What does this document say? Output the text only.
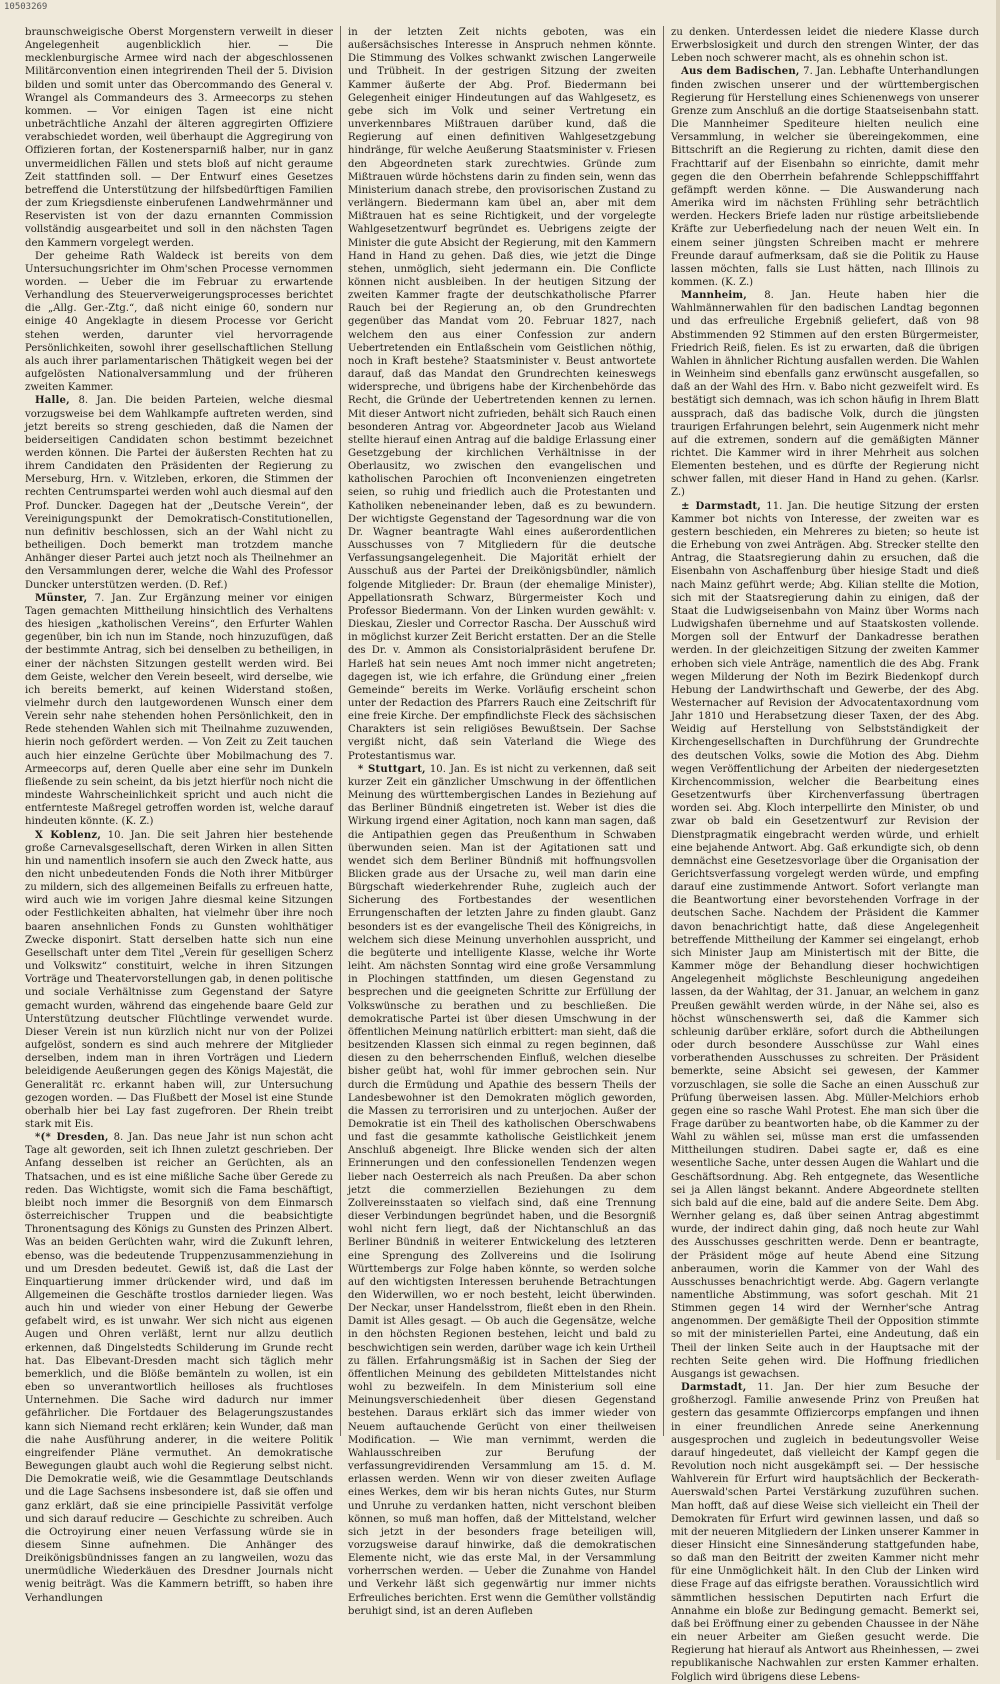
10503269

braunschweigische Oberst Morgenstern verweilt in dieser Angelegenheit augenblicklich hier. — Die mecklenburgische Armee wird nach der abgeschlossenen Militärconvention einen integrirenden Theil der 5. Division bilden und somit unter das Obercommando des General v. Wrangel als Commandeurs des 3. Armeecorps zu stehen kommen. — Vor einigen Tagen ist eine nicht unbeträchtliche Anzahl der älteren aggregirten Offiziere verabschiedet worden, weil überhaupt die Aggregirung von Offizieren fortan, der Kostenersparniß halber, nur in ganz unvermeidlichen Fällen und stets bloß auf nicht geraume Zeit stattfinden soll. — Der Entwurf eines Gesetzes betreffend die Unterstützung der hilfsbedürftigen Familien der zum Kriegsdienste einberufenen Landwehrmänner und Reservisten ist von der dazu ernannten Commission vollständig ausgearbeitet und soll in den nächsten Tagen den Kammern vorgelegt werden.

Der geheime Rath Waldeck ist bereits von dem Untersuchungsrichter im Ohm'schen Processe vernommen worden. — Ueber die im Februar zu erwartende Verhandlung des Steuerverweigerungsprocesses berichtet die „Allg. Ger.-Ztg.“, daß nicht einige 60, sondern nur einige 40 Angeklagte in diesem Processe vor Gericht stehen werden, darunter viel hervorragende Persönlichkeiten, sowohl ihrer gesellschaftlichen Stellung als auch ihrer parlamentarischen Thätigkeit wegen bei der aufgelösten Nationalversammlung und der früheren zweiten Kammer.

Halle, 8. Jan. Die beiden Parteien, welche diesmal vorzugsweise bei dem Wahlkampfe auftreten werden, sind jetzt bereits so streng geschieden, daß die Namen der beiderseitigen Candidaten schon bestimmt bezeichnet werden können. Die Partei der äußersten Rechten hat zu ihrem Candidaten den Präsidenten der Regierung zu Merseburg, Hrn. v. Witzleben, erkoren, die Stimmen der rechten Centrumspartei werden wohl auch diesmal auf den Prof. Duncker. Dagegen hat der „Deutsche Verein“, der Vereinigungspunkt der Demokratisch-Constitutionellen, nun definitiv beschlossen, sich an der Wahl nicht zu betheiligen. Doch bemerkt man trotzdem manche Anhänger dieser Partei auch jetzt noch als Theilnehmer an den Versammlungen derer, welche die Wahl des Professor Duncker unterstützen werden. (D. Ref.)

Münster, 7. Jan. Zur Ergänzung meiner vor einigen Tagen gemachten Mittheilung hinsichtlich des Verhaltens des hiesigen „katholischen Vereins“, den Erfurter Wahlen gegenüber, bin ich nun im Stande, noch hinzuzufügen, daß der bestimmte Antrag, sich bei denselben zu betheiligen, in einer der nächsten Sitzungen gestellt werden wird. Bei dem Geiste, welcher den Verein beseelt, wird derselbe, wie ich bereits bemerkt, auf keinen Widerstand stoßen, vielmehr durch den lautgewordenen Wunsch einer dem Verein sehr nahe stehenden hohen Persönlichkeit, den in Rede stehenden Wahlen sich mit Theilnahme zuzuwenden, hierin noch gefördert werden. — Von Zeit zu Zeit tauchen auch hier einzelne Gerüchte über Mobilmachung des 7. Armeecorps auf, deren Quelle aber eine sehr im Dunkeln fließende zu sein scheint, da bis jetzt hierfür noch nicht die mindeste Wahrscheinlichkeit spricht und auch nicht die entfernteste Maßregel getroffen worden ist, welche darauf hindeuten könnte. (K. Z.)

X Koblenz, 10. Jan. Die seit Jahren hier bestehende große Carnevalsgesellschaft, deren Wirken in allen Sitten hin und namentlich insofern sie auch den Zweck hatte, aus den nicht unbedeutenden Fonds die Noth ihrer Mitbürger zu mildern, sich des allgemeinen Beifalls zu erfreuen hatte, wird auch wie im vorigen Jahre diesmal keine Sitzungen oder Festlichkeiten abhalten, hat vielmehr über ihre noch baaren ansehnlichen Fonds zu Gunsten wohlthätiger Zwecke disponirt. Statt derselben hatte sich nun eine Gesellschaft unter dem Titel „Verein für geselligen Scherz und Volkswitz“ constituirt, welche in ihren Sitzungen Vorträge und Theatervorstellungen gab, in denen politische und sociale Verhältnisse zum Gegenstand der Satyre gemacht wurden, während das eingehende baare Geld zur Unterstützung deutscher Flüchtlinge verwendet wurde. Dieser Verein ist nun kürzlich nicht nur von der Polizei aufgelöst, sondern es sind auch mehrere der Mitglieder derselben, indem man in ihren Vorträgen und Liedern beleidigende Aeußerungen gegen des Königs Majestät, die Generalität rc. erkannt haben will, zur Untersuchung gezogen worden. — Das Flußbett der Mosel ist eine Stunde oberhalb hier bei Lay fast zugefroren. Der Rhein treibt stark mit Eis.

*(* Dresden, 8. Jan. Das neue Jahr ist nun schon acht Tage alt geworden, seit ich Ihnen zuletzt geschrieben. Der Anfang desselben ist reicher an Gerüchten, als an Thatsachen, und es ist eine mißliche Sache über Gerede zu reden. Das Wichtigste, womit sich die Fama beschäftigt, bleibt noch immer die Besorgniß von dem Einmarsch österreichischer Truppen und die beabsichtigte Thronentsagung des Königs zu Gunsten des Prinzen Albert. Was an beiden Gerüchten wahr, wird die Zukunft lehren, ebenso, was die bedeutende Truppenzusammenziehung in und um Dresden bedeutet. Gewiß ist, daß die Last der Einquartierung immer drückender wird, und daß im Allgemeinen die Geschäfte trostlos darnieder liegen. Was auch hin und wieder von einer Hebung der Gewerbe gefabelt wird, es ist unwahr. Wer sich nicht aus eigenen Augen und Ohren verläßt, lernt nur allzu deutlich erkennen, daß Dingelstedts Schilderung im Grunde recht hat. Das Elbevant-Dresden macht sich täglich mehr bemerklich, und die Blöße bemänteln zu wollen, ist ein eben so unverantwortlich heilloses als fruchtloses Unternehmen. Die Sache wird dadurch nur immer gefährlicher. Die Fortdauer des Belagerungszustandes kann sich Niemand recht erklären; kein Wunder, daß man die nahe Ausführung anderer, in die weitere Politik eingreifender Pläne vermuthet. An demokratische Bewegungen glaubt auch wohl die Regierung selbst nicht. Die Demokratie weiß, wie die Gesammtlage Deutschlands und die Lage Sachsens insbesondere ist, daß sie offen und ganz erklärt, daß sie eine principielle Passivität verfolge und sich darauf reducire — Geschichte zu schreiben. Auch die Octroyirung einer neuen Verfassung würde sie in diesem Sinne aufnehmen. Die Anhänger des Dreikönigsbündnisses fangen an zu langweilen, wozu das unermüdliche Wiederkäuen des Dresdner Journals nicht wenig beiträgt. Was die Kammern betrifft, so haben ihre Verhandlungen

in der letzten Zeit nichts geboten, was ein außersächsisches Interesse in Anspruch nehmen könnte. Die Stimmung des Volkes schwankt zwischen Langerweile und Trübheit. In der gestrigen Sitzung der zweiten Kammer äußerte der Abg. Prof. Biedermann bei Gelegenheit einiger Hindeutungen auf das Wahlgesetz, es gebe sich im Volk und seiner Vertretung ein unverkennbares Mißtrauen darüber kund, daß die Regierung auf einen definitiven Wahlgesetzgebung hindränge, für welche Aeußerung Staatsminister v. Friesen den Abgeordneten stark zurechtwies. Gründe zum Mißtrauen würde höchstens darin zu finden sein, wenn das Ministerium danach strebe, den provisorischen Zustand zu verlängern. Biedermann kam übel an, aber mit dem Mißtrauen hat es seine Richtigkeit, und der vorgelegte Wahlgesetzentwurf begründet es. Uebrigens zeigte der Minister die gute Absicht der Regierung, mit den Kammern Hand in Hand zu gehen. Daß dies, wie jetzt die Dinge stehen, unmöglich, sieht jedermann ein. Die Conflicte können nicht ausbleiben. In der heutigen Sitzung der zweiten Kammer fragte der deutschkatholische Pfarrer Rauch bei der Regierung an, ob den Grundrechten gegenüber das Mandat vom 20. Februar 1827, nach welchem den aus einer Confession zur andern Uebertretenden ein Entlaßschein vom Geistlichen nöthig, noch in Kraft bestehe? Staatsminister v. Beust antwortete darauf, daß das Mandat den Grundrechten keineswegs widerspreche, und übrigens habe der Kirchenbehörde das Recht, die Gründe der Uebertretenden kennen zu lernen. Mit dieser Antwort nicht zufrieden, behält sich Rauch einen besonderen Antrag vor. Abgeordneter Jacob aus Wieland stellte hierauf einen Antrag auf die baldige Erlassung einer Gesetzgebung der kirchlichen Verhältnisse in der Oberlausitz, wo zwischen den evangelischen und katholischen Parochien oft Inconvenienzen eingetreten seien, so ruhig und friedlich auch die Protestanten und Katholiken nebeneinander leben, daß es zu bewundern. Der wichtigste Gegenstand der Tagesordnung war die von Dr. Wagner beantragte Wahl eines außerordentlichen Ausschusses von 7 Mitgliedern für die deutsche Verfassungsangelegenheit. Die Majorität erhielt der Ausschuß aus der Partei der Dreikönigsbündler, nämlich folgende Mitglieder: Dr. Braun (der ehemalige Minister), Appellationsrath Schwarz, Bürgermeister Koch und Professor Biedermann. Von der Linken wurden gewählt: v. Dieskau, Ziesler und Corrector Rascha. Der Ausschuß wird in möglichst kurzer Zeit Bericht erstatten. Der an die Stelle des Dr. v. Ammon als Consistorialpräsident berufene Dr. Harleß hat sein neues Amt noch immer nicht angetreten; dagegen ist, wie ich erfahre, die Gründung einer „freien Gemeinde“ bereits im Werke. Vorläufig erscheint schon unter der Redaction des Pfarrers Rauch eine Zeitschrift für eine freie Kirche. Der empfindlichste Fleck des sächsischen Charakters ist sein religiöses Bewußtsein. Der Sachse vergißt nicht, daß sein Vaterland die Wiege des Protestantismus war.

* Stuttgart, 10. Jan. Es ist nicht zu verkennen, daß seit kurzer Zeit ein gänzlicher Umschwung in der öffentlichen Meinung des württembergischen Landes in Beziehung auf das Berliner Bündniß eingetreten ist. Weber ist dies die Wirkung irgend einer Agitation, noch kann man sagen, daß die Antipathien gegen das Preußenthum in Schwaben überwunden seien. Man ist der Agitationen satt und wendet sich dem Berliner Bündniß mit hoffnungsvollen Blicken grade aus der Ursache zu, weil man darin eine Bürgschaft wiederkehrender Ruhe, zugleich auch der Sicherung des Fortbestandes der wesentlichen Errungenschaften der letzten Jahre zu finden glaubt. Ganz besonders ist es der evangelische Theil des Königreichs, in welchem sich diese Meinung unverhohlen ausspricht, und die begüterte und intelligente Klasse, welche ihr Worte leiht. Am nächsten Sonntag wird eine große Versammlung in Plochingen stattfinden, um diesen Gegenstand zu besprechen und die geeigneten Schritte zur Erfüllung der Volkswünsche zu berathen und zu beschließen. Die demokratische Partei ist über diesen Umschwung in der öffentlichen Meinung natürlich erbittert: man sieht, daß die besitzenden Klassen sich einmal zu regen beginnen, daß diesen zu den beherrschenden Einfluß, welchen dieselbe bisher geübt hat, wohl für immer gebrochen sein. Nur durch die Ermüdung und Apathie des bessern Theils der Landesbewohner ist den Demokraten möglich geworden, die Massen zu terrorisiren und zu unterjochen. Außer der Demokratie ist ein Theil des katholischen Oberschwabens und fast die gesammte katholische Geistlichkeit jenem Anschluß abgeneigt. Ihre Blicke wenden sich der alten Erinnerungen und den confessionellen Tendenzen wegen lieber nach Oesterreich als nach Preußen. Da aber schon jetzt die commerziellen Beziehungen zu dem Zollvereinsstaaten so vielfach sind, daß eine Trennung dieser Verbindungen begründet haben, und die Besorgniß wohl nicht fern liegt, daß der Nichtanschluß an das Berliner Bündniß in weiterer Entwickelung des letzteren eine Sprengung des Zollvereins und die Isolirung Württembergs zur Folge haben könnte, so werden solche auf den wichtigsten Interessen beruhende Betrachtungen den Widerwillen, wo er noch besteht, leicht überwinden. Der Neckar, unser Handelsstrom, fließt eben in den Rhein. Damit ist Alles gesagt. — Ob auch die Gegensätze, welche in den höchsten Regionen bestehen, leicht und bald zu beschwichtigen sein werden, darüber wage ich kein Urtheil zu fällen. Erfahrungsmäßig ist in Sachen der Sieg der öffentlichen Meinung des gebildeten Mittelstandes nicht wohl zu bezweifeln. In dem Ministerium soll eine Meinungsverschiedenheit über diesen Gegenstand bestehen. Daraus erklärt sich das immer wieder von Neuem auftauchende Gerücht von einer theilweisen Modification. — Wie man vernimmt, werden die Wahlausschreiben zur Berufung der verfassungrevidirenden Versammlung am 15. d. M. erlassen werden. Wenn wir von dieser zweiten Auflage eines Werkes, dem wir bis heran nichts Gutes, nur Sturm und Unruhe zu verdanken hatten, nicht verschont bleiben können, so muß man hoffen, daß der Mittelstand, welcher sich jetzt in der besonders frage beteiligen will, vorzugsweise darauf hinwirke, daß die demokratischen Elemente nicht, wie das erste Mal, in der Versammlung vorherrschen werden. — Ueber die Zunahme von Handel und Verkehr läßt sich gegenwärtig nur immer nichts Erfreuliches berichten. Erst wenn die Gemüther vollständig beruhigt sind, ist an deren Aufleben

zu denken. Unterdessen leidet die niedere Klasse durch Erwerbslosigkeit und durch den strengen Winter, der das Leben noch schwerer macht, als es ohnehin schon ist.

Aus dem Badischen, 7. Jan. Lebhafte Unterhandlungen finden zwischen unserer und der württembergischen Regierung für Herstellung eines Schienenwegs von unserer Grenze zum Anschluß an die dortige Staatseisenbahn statt. Die Mannheimer Spediteure hielten neulich eine Versammlung, in welcher sie übereingekommen, eine Bittschrift an die Regierung zu richten, damit diese den Frachttarif auf der Eisenbahn so einrichte, damit mehr gegen die den Oberrhein befahrende Schleppschifffahrt gefämpft werden könne. — Die Auswanderung nach Amerika wird im nächsten Frühling sehr beträchtlich werden. Heckers Briefe laden nur rüstige arbeitsliebende Kräfte zur Ueberfiedelung nach der neuen Welt ein. In einem seiner jüngsten Schreiben macht er mehrere Freunde darauf aufmerksam, daß sie die Politik zu Hause lassen möchten, falls sie Lust hätten, nach Illinois zu kommen. (K. Z.)

Mannheim, 8. Jan. Heute haben hier die Wahlmännerwahlen für den badischen Landtag begonnen und das erfreuliche Ergebniß geliefert, daß von 98 Abstimmenden 92 Stimmen auf den ersten Bürgermeister, Friedrich Reiß, fielen. Es ist zu erwarten, daß die übrigen Wahlen in ähnlicher Richtung ausfallen werden. Die Wahlen in Weinheim sind ebenfalls ganz erwünscht ausgefallen, so daß an der Wahl des Hrn. v. Babo nicht gezweifelt wird. Es bestätigt sich demnach, was ich schon häufig in Ihrem Blatt aussprach, daß das badische Volk, durch die jüngsten traurigen Erfahrungen belehrt, sein Augenmerk nicht mehr auf die extremen, sondern auf die gemäßigten Männer richtet. Die Kammer wird in ihrer Mehrheit aus solchen Elementen bestehen, und es dürfte der Regierung nicht schwer fallen, mit dieser Hand in Hand zu gehen. (Karlsr. Z.)

± Darmstadt, 11. Jan. Die heutige Sitzung der ersten Kammer bot nichts von Interesse, der zweiten war es gestern beschieden, ein Mehreres zu bieten; so heute ist die Erhebung von zwei Anträgen. Abg. Strecker stellte den Antrag, die Staatsregierung dahin zu ersuchen, daß die Eisenbahn von Aschaffenburg über hiesige Stadt und dieß nach Mainz geführt werde; Abg. Kilian stellte die Motion, sich mit der Staatsregierung dahin zu einigen, daß der Staat die Ludwigseisenbahn von Mainz über Worms nach Ludwigshafen übernehme und auf Staatskosten vollende. Morgen soll der Entwurf der Dankadresse berathen werden. In der gleichzeitigen Sitzung der zweiten Kammer erhoben sich viele Anträge, namentlich die des Abg. Frank wegen Milderung der Noth im Bezirk Biedenkopf durch Hebung der Landwirthschaft und Gewerbe, der des Abg. Westernacher auf Revision der Advocatentaxordnung vom Jahr 1810 und Herabsetzung dieser Taxen, der des Abg. Weidig auf Herstellung von Selbstständigkeit der Kirchengesellschaften in Durchführung der Grundrechte des deutschen Volks, sowie die Motion des Abg. Diehm wegen Veröffentlichung der Arbeiten der niedergesetzten Kirchencommission, welcher die Bearbeitung eines Gesetzentwurfs über Kirchenverfassung übertragen worden sei. Abg. Kloch interpellirte den Minister, ob und zwar ob bald ein Gesetzentwurf zur Revision der Dienstpragmatik eingebracht werden würde, und erhielt eine bejahende Antwort. Abg. Gaß erkundigte sich, ob denn demnächst eine Gesetzesvorlage über die Organisation der Gerichtsverfassung vorgelegt werden würde, und empfing darauf eine zustimmende Antwort. Sofort verlangte man die Beantwortung einer bevorstehenden Vorfrage in der deutschen Sache. Nachdem der Präsident die Kammer davon benachrichtigt hatte, daß diese Angelegenheit betreffende Mittheilung der Kammer sei eingelangt, erhob sich Minister Jaup am Ministertisch mit der Bitte, die Kammer möge der Behandlung dieser hochwichtigen Angelegenheit möglichste Beschleunigung angedeihen lassen, da der Wahltag, der 31. Januar, an welchem in ganz Preußen gewählt werden würde, in der Nähe sei, also es höchst wünschenswerth sei, daß die Kammer sich schleunig darüber erkläre, sofort durch die Abtheilungen oder durch besondere Ausschüsse zur Wahl eines vorberathenden Ausschusses zu schreiten. Der Präsident bemerkte, seine Absicht sei gewesen, der Kammer vorzuschlagen, sie solle die Sache an einen Ausschuß zur Prüfung überweisen lassen. Abg. Müller-Melchiors erhob gegen eine so rasche Wahl Protest. Ehe man sich über die Frage darüber zu beantworten habe, ob die Kammer zu der Wahl zu wählen sei, müsse man erst die umfassenden Mittheilungen studiren. Dabei sagte er, daß es eine wesentliche Sache, unter dessen Augen die Wahlart und die Geschäftsordnung. Abg. Reh entgegnete, das Wesentliche sei ja Allen längst bekannt. Andere Abgeordnete stellten sich bald auf die eine, bald auf die andere Seite. Dem Abg. Wernher gelang es, daß über seinen Antrag abgestimmt wurde, der indirect dahin ging, daß noch heute zur Wahl des Ausschusses geschritten werde. Denn er beantragte, der Präsident möge auf heute Abend eine Sitzung anberaumen, worin die Kammer von der Wahl des Ausschusses benachrichtigt werde. Abg. Gagern verlangte namentliche Abstimmung, was sofort geschah. Mit 21 Stimmen gegen 14 wird der Wernher'sche Antrag angenommen. Der gemäßigte Theil der Opposition stimmte so mit der ministeriellen Partei, eine Andeutung, daß ein Theil der linken Seite auch in der Hauptsache mit der rechten Seite gehen wird. Die Hoffnung friedlichen Ausgangs ist gewachsen.

Darmstadt, 11. Jan. Der hier zum Besuche der großherzogl. Familie anwesende Prinz von Preußen hat gestern das gesammte Offiziercorps empfangen und ihnen in einer freundlichen Anrede seine Anerkennung ausgesprochen und zugleich in bedeutungsvoller Weise darauf hingedeutet, daß vielleicht der Kampf gegen die Revolution noch nicht ausgekämpft sei. — Der hessische Wahlverein für Erfurt wird hauptsächlich der Beckerath-Auerswald'schen Partei Verstärkung zuzuführen suchen. Man hofft, daß auf diese Weise sich vielleicht ein Theil der Demokraten für Erfurt wird gewinnen lassen, und daß so mit der neueren Mitgliedern der Linken unserer Kammer in dieser Hinsicht eine Sinnesänderung stattgefunden habe, so daß man den Beitritt der zweiten Kammer nicht mehr für eine Unmöglichkeit hält. In den Club der Linken wird diese Frage auf das eifrigste berathen. Voraussichtlich wird sämmtlichen hessischen Deputirten nach Erfurt die Annahme ein bloße zur Bedingung gemacht. Bemerkt sei, daß bei Eröffnung einer zu gebenden Chaussee in der Nähe ein neuer Arbeiter am Gießen gesucht werde. Die Regierung hat hierauf als Antwort aus Rheinhessen, — zwei republikanische Nachwahlen zur ersten Kammer erhalten. Folglich wird übrigens diese Lebens-
